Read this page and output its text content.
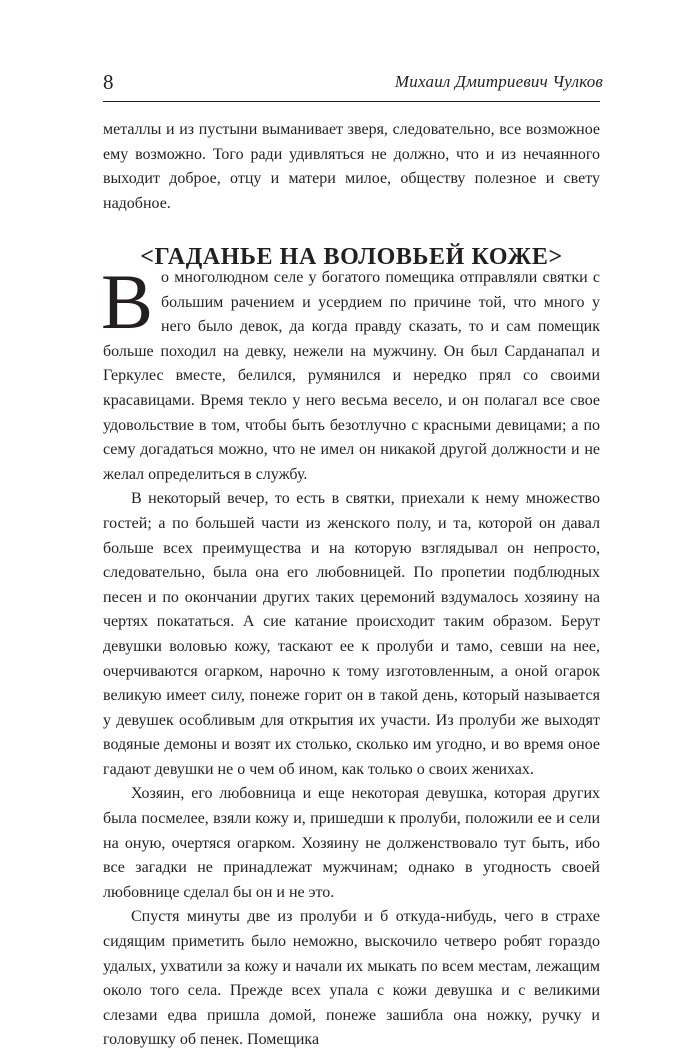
8	Михаил Дмитриевич Чулков

металлы и из пустыни выманивает зверя, следовательно, все возможное ему возможно. Того ради удивляться не должно, что и из нечаянного выходит доброе, отцу и матери милое, обществу полезное и свету надобное.

<ГАДАНЬЕ НА ВОЛОВЬЕЙ КОЖЕ>

В о многолюдном селе у богатого помещика отправляли святки с большим рачением и усердием по причине той, что много у него было девок, да когда правду сказать, то и сам помещик больше походил на девку, нежели на мужчину. Он был Сарданапал и Геркулес вместе, белился, румянился и нередко прял со своими красавицами. Время текло у него весьма весело, и он полагал все свое удовольствие в том, чтобы быть безотлучно с красными девицами; а по сему догадаться можно, что не имел он никакой другой должности и не желал определиться в службу.

В некоторый вечер, то есть в святки, приехали к нему множество гостей; а по большей части из женского полу, и та, которой он давал больше всех преимущества и на которую взглядывал он непросто, следовательно, была она его любовницей. По пропетии подблюдных песен и по окончании других таких церемоний вздумалось хозяину на чертях покататься. А сие катание происходит таким образом. Берут девушки воловью кожу, таскают ее к пролуби и тамо, севши на нее, очерчиваются огарком, нарочно к тому изготовленным, а оной огарок великую имеет силу, понеже горит он в такой день, который называется у девушек особливым для открытия их участи. Из пролуби же выходят водяные демоны и возят их столько, сколько им угодно, и во время оное гадают девушки не о чем об ином, как только о своих женихах.

Хозяин, его любовница и еще некоторая девушка, которая других была посмелее, взяли кожу и, пришедши к пролуби, положили ее и сели на оную, очертяся огарком. Хозяину не долженствовало тут быть, ибо все загадки не принадлежат мужчинам; однако в угодность своей любовнице сделал бы он и не это.

Спустя минуты две из пролуби и б откуда-нибудь, чего в страхе сидящим приметить было неможно, выскочило четверо робят гораздо удалых, ухватили за кожу и начали их мыкать по всем местам, лежащим около того села. Прежде всех упала с кожи девушка и с великими слезами едва пришла домой, понеже зашибла она ножку, ручку и головушку об пенек. Помещика
